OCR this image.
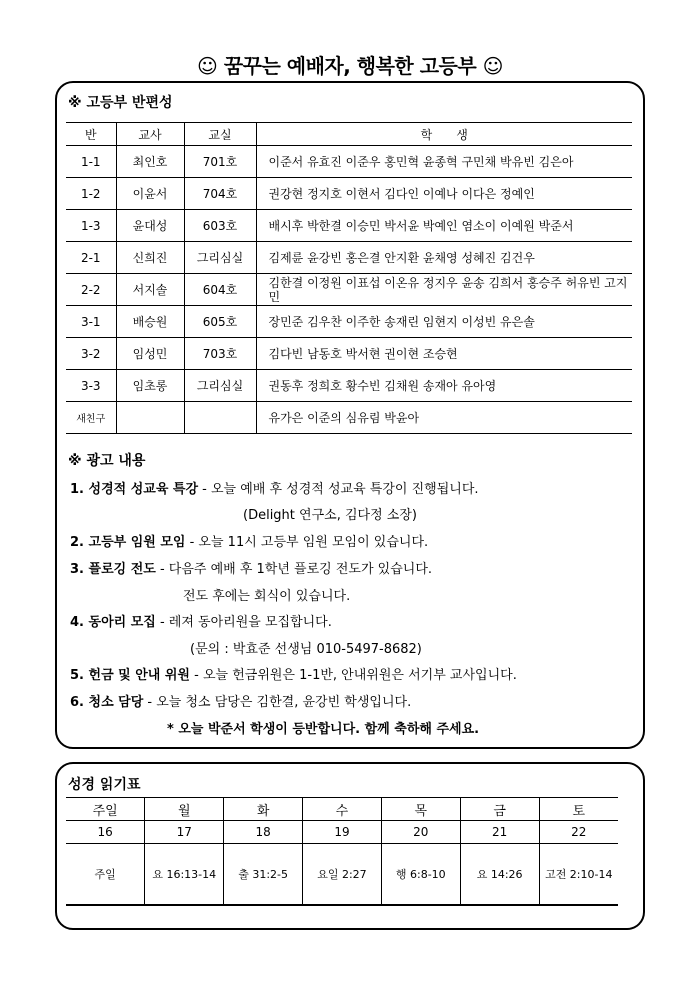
☺ 꿈꾸는 예배자, 행복한 고등부 ☺
※ 고등부 반편성
반	교사	교실	학　　생
1-1	최인호	701호	이준서 유효진 이준우 홍민혁 윤종혁 구민채 박유빈 김은아
1-2	이윤서	704호	권강현 정지호 이현서 김다인 이예나 이다은 정예인
1-3	윤대성	603호	배시후 박한결 이승민 박서윤 박예인 염소이 이예원 박준서
2-1	신희진	그리심실	김제륜 윤강빈 홍은결 안지환 윤채영 성혜진 김건우
2-2	서지솔	604호	김한결 이정원 이표섭 이온유 정지우 윤송 김희서 홍승주 허유빈 고지민
3-1	배승원	605호	장민준 김우찬 이주한 송재린 임현지 이성빈 유은솔
3-2	임성민	703호	김다빈 남동호 박서현 권이현 조승현
3-3	임초롱	그리심실	권동후 정희호 황수빈 김채원 송재아 유아영
새친구			유가은 이준의 심유림 박윤아
※ 광고 내용
1. 성경적 성교육 특강 - 오늘 예배 후 성경적 성교육 특강이 진행됩니다.
(Delight 연구소, 김다정 소장)
2. 고등부 임원 모임 - 오늘 11시 고등부 임원 모임이 있습니다.
3. 플로깅 전도 - 다음주 예배 후 1학년 플로깅 전도가 있습니다.
전도 후에는 회식이 있습니다.
4. 동아리 모집 - 레져 동아리원을 모집합니다.
(문의 : 박효준 선생님 010-5497-8682)
5. 헌금 및 안내 위원 - 오늘 헌금위원은 1-1반, 안내위원은 서기부 교사입니다.
6. 청소 담당 - 오늘 청소 담당은 김한결, 윤강빈 학생입니다.
* 오늘 박준서 학생이 등반합니다. 함께 축하해 주세요.
성경 읽기표
주일	월	화	수	목	금	토
16	17	18	19	20	21	22
주일	요 16:13-14	출 31:2-5	요일 2:27	행 6:8-10	요 14:26	고전 2:10-14
